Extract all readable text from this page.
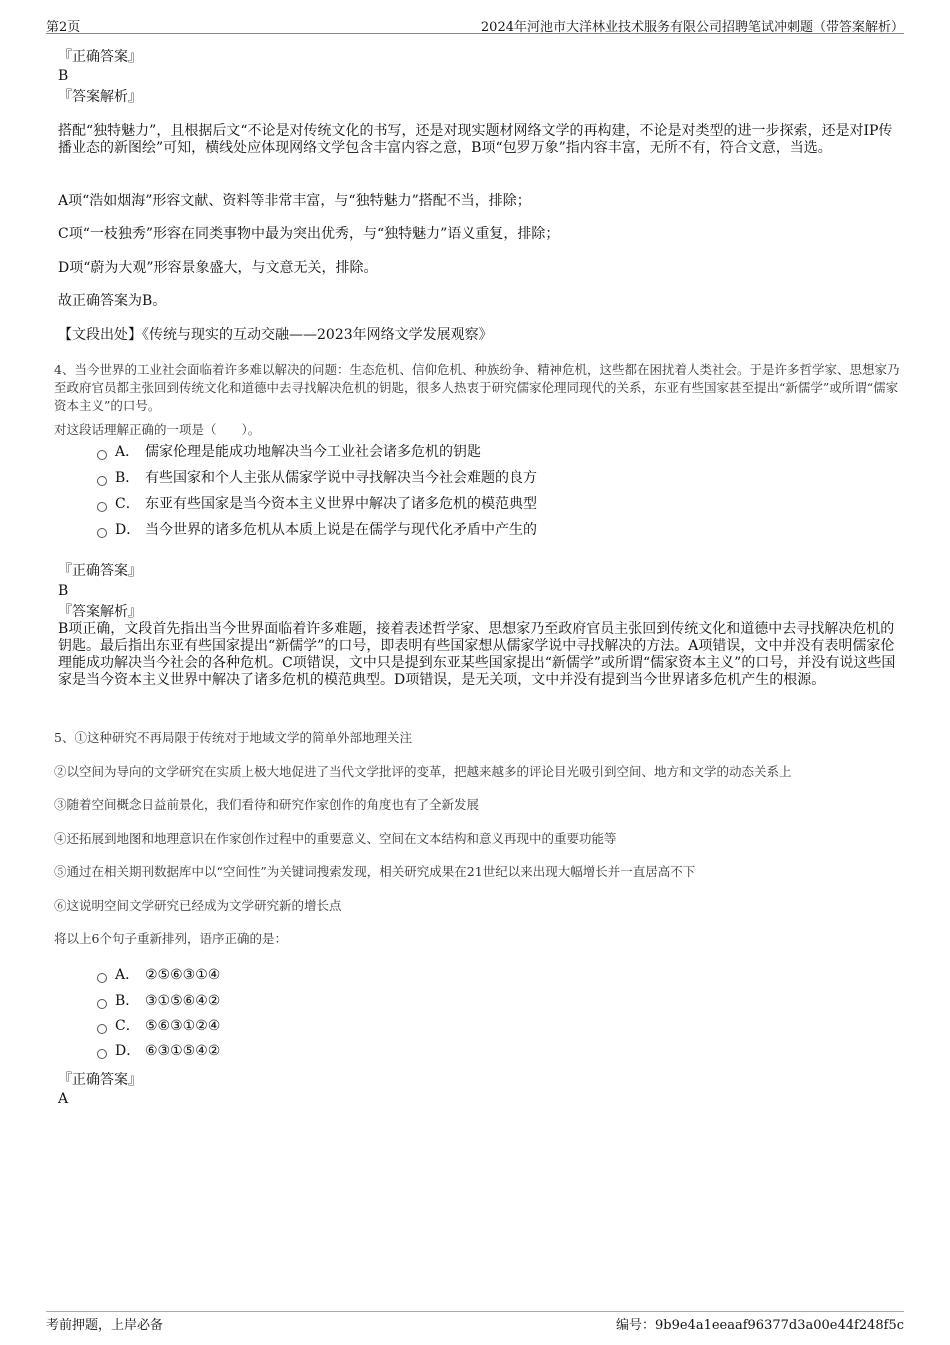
第2页	2024年河池市大洋林业技术服务有限公司招聘笔试冲刺题（带答案解析）
『正确答案』
B
『答案解析』
搭配“独特魅力”，且根据后文“不论是对传统文化的书写，还是对现实题材网络文学的再构建，不论是对类型的进一步探索，还是对IP传播业态的新图绘”可知，横线处应体现网络文学包含丰富内容之意，B项“包罗万象”指内容丰富，无所不有，符合文意，当选。
A项“浩如烟海”形容文献、资料等非常丰富，与“独特魅力”搭配不当，排除；
C项“一枝独秀”形容在同类事物中最为突出优秀，与“独特魅力”语义重复，排除；
D项“蔚为大观”形容景象盛大，与文意无关，排除。
故正确答案为B。
【文段出处】《传统与现实的互动交融——2023年网络文学发展观察》
4、当今世界的工业社会面临着许多难以解决的问题：生态危机、信仰危机、种族纷争、精神危机，这些都在困扰着人类社会。于是许多哲学家、思想家乃至政府官员都主张回到传统文化和道德中去寻找解决危机的钥匙，很多人热衷于研究儒家伦理同现代的关系，东亚有些国家甚至提出“新儒学”或所谓“儒家资本主义”的口号。
对这段话理解正确的一项是（　　）。
A． 儒家伦理是能成功地解决当今工业社会诸多危机的钥匙
B． 有些国家和个人主张从儒家学说中寻找解决当今社会难题的良方
C． 东亚有些国家是当今资本主义世界中解决了诸多危机的模范典型
D． 当今世界的诸多危机从本质上说是在儒学与现代化矛盾中产生的
『正确答案』
B
『答案解析』
B项正确，文段首先指出当今世界面临着许多难题，接着表述哲学家、思想家乃至政府官员主张回到传统文化和道德中去寻找解决危机的钥匙。最后指出东亚有些国家提出“新儒学”的口号，即表明有些国家想从儒家学说中寻找解决的方法。A项错误，文中并没有表明儒家伦理能成功解决当今社会的各种危机。C项错误，文中只是提到东亚某些国家提出“新儒学”或所谓“儒家资本主义”的口号，并没有说这些国家是当今资本主义世界中解决了诸多危机的模范典型。D项错误，是无关项，文中并没有提到当今世界诸多危机产生的根源。
5、①这种研究不再局限于传统对于地域文学的简单外部地理关注
②以空间为导向的文学研究在实质上极大地促进了当代文学批评的变革，把越来越多的评论目光吸引到空间、地方和文学的动态关系上
③随着空间概念日益前景化，我们看待和研究作家创作的角度也有了全新发展
④还拓展到地图和地理意识在作家创作过程中的重要意义、空间在文本结构和意义再现中的重要功能等
⑤通过在相关期刊数据库中以“空间性”为关键词搜索发现，相关研究成果在21世纪以来出现大幅增长并一直居高不下
⑥这说明空间文学研究已经成为文学研究新的增长点
将以上6个句子重新排列，语序正确的是：
A． ②⑤⑥③①④
B． ③①⑤⑥④②
C． ⑤⑥③①②④
D． ⑥③①⑤④②
『正确答案』
A
考前押题，上岸必备	编号：9b9e4a1eeaaf96377d3a00e44f248f5c
